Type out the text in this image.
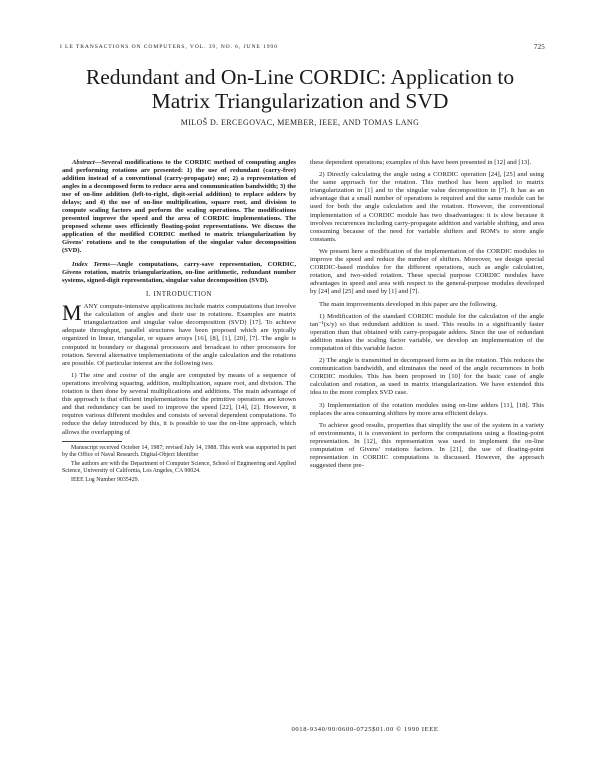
I LE TRANSACTIONS ON COMPUTERS, VOL. 39, NO. 6, JUNE 1990	725
Redundant and On-Line CORDIC: Application to
Matrix Triangularization and SVD
MILOŠ D. ERCEGOVAC, MEMBER, IEEE, AND TOMAS LANG

Abstract—Several modifications to the CORDIC method of computing angles and performing rotations are presented: 1) the use of redundant (carry-free) addition instead of a conventional (carry-propagate) one; 2) a representation of angles in a decomposed form to reduce area and communication bandwidth; 3) the use of on-line addition (left-to-right, digit-serial addition) to replace adders by delays; and 4) the use of on-line multiplication, square root, and division to compute scaling factors and perform the scaling operations. The modifications presented improve the speed and the area of CORDIC implementations. The proposed scheme uses efficiently floating-point representations. We discuss the application of the modified CORDIC method to matrix triangularization by Givens' rotations and to the computation of the singular value decomposition (SVD).

Index Terms—Angle computations, carry-save representation, CORDIC, Givens rotation, matrix triangularization, on-line arithmetic, redundant number systems, signed-digit representation, singular value decomposition (SVD).

I. INTRODUCTION

MANY compute-intensive applications include matrix computations that involve the calculation of angles and their use in rotations. Examples are matrix triangularization and singular value decomposition (SVD) [17]. To achieve adequate throughput, parallel structures have been proposed which are typically organized in linear, triangular, or square arrays [16], [8], [1], [20], [7]. The angle is computed in boundary or diagonal processors and broadcast to other processors for rotation. Several alternative implementations of the angle calculation and the rotations are possible. Of particular interest are the following two.

1) The sine and cosine of the angle are computed by means of a sequence of operations involving squaring, addition, multiplication, square root, and division. The rotation is then done by several multiplications and additions. The main advantage of this approach is that efficient implementations for the primitive operations are known and that redundancy can be used to improve the speed [22], [14], [2]. However, it requires various different modules and consists of several dependent computations. To reduce the delay introduced by this, it is possible to use the on-line approach, which allows the overlapping of

Manuscript received October 14, 1987; revised July 14, 1988. This work was supported in part by the Office of Naval Research. Digital-Object Identifier

The authors are with the Department of Computer Science, School of Engineering and Applied Science, University of California, Los Angeles, CA 90024.

IEEE Log Number 9035429.

these dependent operations; examples of this have been presented in [12] and [13].

2) Directly calculating the angle using a CORDIC operation [24], [25] and using the same approach for the rotation. This method has been applied to matrix triangularization in [1] and to the singular value decomposition in [7]. It has as an advantage that a small number of operations is required and the same module can be used for both the angle calculation and the rotation. However, the conventional implementation of a CORDIC module has two disadvantages: it is slow because it involves recurrences including carry-propagate addition and variable shifting, and area consuming because of the need for variable shifters and ROM's to store angle constants.

We present here a modification of the implementation of the CORDIC modules to improve the speed and reduce the number of shifters. Moreover, we design special CORDIC-based modules for the different operations, such as angle calculation, rotation, and two-sided rotation. These special purpose CORDIC modules have advantages in speed and area with respect to the general-purpose modules developed by [24] and [25] and used by [1] and [7].

The main improvements developed in this paper are the following.

1) Modification of the standard CORDIC module for the calculation of the angle tan⁻¹(x/y) so that redundant addition is used. This results in a significantly faster operation than that obtained with carry-propagate adders. Since the use of redundant addition makes the scaling factor variable, we develop an implementation of the computation of this variable factor.

2) The angle is transmitted in decomposed form as in the rotation. This reduces the communication bandwidth, and eliminates the need of the angle recurrences in both CORDIC modules. This has been proposed in [10] for the basic case of angle calculation and rotation, as used in matrix triangularization. We have extended this idea to the more complex SVD case.

3) Implementation of the rotation modules using on-line adders [11], [18]. This replaces the area consuming shifters by more area efficient delays.

To achieve good results, properties that simplify the use of the system in a variety of environments, it is convenient to perform the computations using a floating-point representation. In [12], this representation was used to implement the on-line computation of Givens' rotations factors. In [21], the use of floating-point representation in CORDIC computations is discussed. However, the approach suggested there pre-

0018-9340/90/0600-0725$01.00 © 1990 IEEE
